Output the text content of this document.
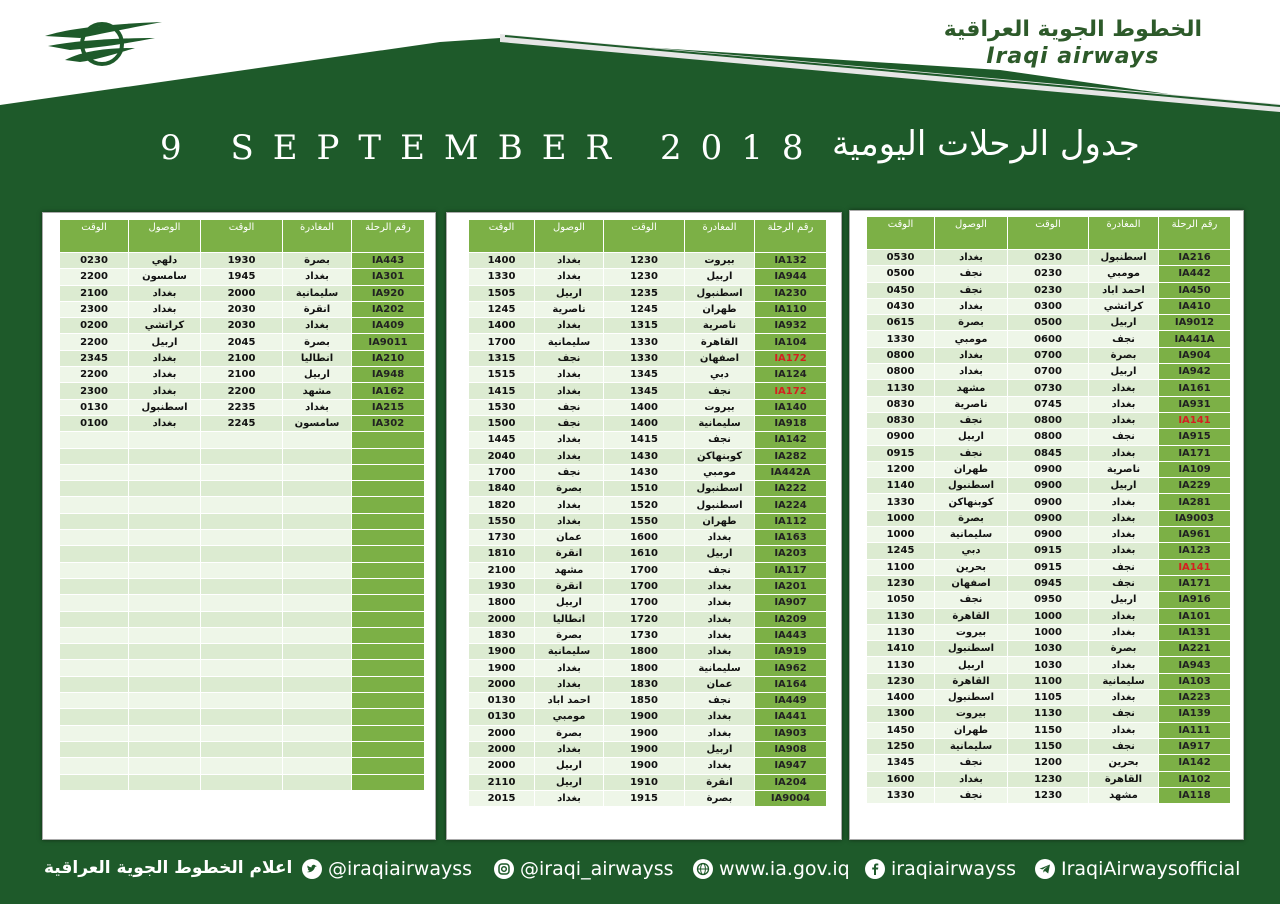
الخطوط الجوية العراقية
Iraqi airways
9 SEPTEMBER 2018 جدول الرحلات اليومية
رقم الرحلة	المغادرة	الوقت	الوصول	الوقت
IA443	بصرة	1930	دلهي	0230
IA301	بغداد	1945	سامسون	2200
IA920	سليمانية	2000	بغداد	2100
IA202	انقرة	2030	بغداد	2300
IA409	بغداد	2030	كراتشي	0200
IA9011	بصرة	2045	اربيل	2200
IA210	انطاليا	2100	بغداد	2345
IA948	اربيل	2100	بغداد	2200
IA162	مشهد	2200	بغداد	2300
IA215	بغداد	2235	اسطنبول	0130
IA302	سامسون	2245	بغداد	0100

رقم الرحلة	المغادرة	الوقت	الوصول	الوقت
IA132	بيروت	1230	بغداد	1400
IA944	اربيل	1230	بغداد	1330
IA230	اسطنبول	1235	اربيل	1505
IA110	طهران	1245	ناصرية	1245
IA932	ناصرية	1315	بغداد	1400
IA104	القاهرة	1330	سليمانية	1700
IA172	اصفهان	1330	نجف	1315
IA124	دبي	1345	بغداد	1515
IA172	نجف	1345	بغداد	1415
IA140	بيروت	1400	نجف	1530
IA918	سليمانية	1400	نجف	1500
IA142	نجف	1415	بغداد	1445
IA282	كوبنهاكن	1430	بغداد	2040
IA442A	مومبي	1430	نجف	1700
IA222	اسطنبول	1510	بصرة	1840
IA224	اسطنبول	1520	بغداد	1820
IA112	طهران	1550	بغداد	1550
IA163	بغداد	1600	عمان	1730
IA203	اربيل	1610	انقرة	1810
IA117	نجف	1700	مشهد	2100
IA201	بغداد	1700	انقرة	1930
IA907	بغداد	1700	اربيل	1800
IA209	بغداد	1720	انطاليا	2000
IA443	بغداد	1730	بصرة	1830
IA919	بغداد	1800	سليمانية	1900
IA962	سليمانية	1800	بغداد	1900
IA164	عمان	1830	بغداد	2000
IA449	نجف	1850	احمد اباد	0130
IA441	بغداد	1900	مومبي	0130
IA903	بغداد	1900	بصرة	2000
IA908	اربيل	1900	بغداد	2000
IA947	بغداد	1900	اربيل	2000
IA204	انقرة	1910	اربيل	2110
IA9004	بصرة	1915	بغداد	2015
رقم الرحلة	المغادرة	الوقت	الوصول	الوقت
IA216	اسطنبول	0230	بغداد	0530
IA442	مومبي	0230	نجف	0500
IA450	احمد اباد	0230	نجف	0450
IA410	كراتشي	0300	بغداد	0430
IA9012	اربيل	0500	بصرة	0615
IA441A	نجف	0600	مومبي	1330
IA904	بصرة	0700	بغداد	0800
IA942	اربيل	0700	بغداد	0800
IA161	بغداد	0730	مشهد	1130
IA931	بغداد	0745	ناصرية	0830
IA141	بغداد	0800	نجف	0830
IA915	نجف	0800	اربيل	0900
IA171	بغداد	0845	نجف	0915
IA109	ناصرية	0900	طهران	1200
IA229	اربيل	0900	اسطنبول	1140
IA281	بغداد	0900	كوبنهاكن	1330
IA9003	بغداد	0900	بصرة	1000
IA961	بغداد	0900	سليمانية	1000
IA123	بغداد	0915	دبي	1245
IA141	نجف	0915	بحرين	1100
IA171	نجف	0945	اصفهان	1230
IA916	اربيل	0950	نجف	1050
IA101	بغداد	1000	القاهرة	1130
IA131	بغداد	1000	بيروت	1130
IA221	بصرة	1030	اسطنبول	1410
IA943	بغداد	1030	اربيل	1130
IA103	سليمانية	1100	القاهرة	1230
IA223	بغداد	1105	اسطنبول	1400
IA139	نجف	1130	بيروت	1300
IA111	بغداد	1150	طهران	1450
IA917	نجف	1150	سليمانية	1250
IA142	بحرين	1200	نجف	1345
IA102	القاهرة	1230	بغداد	1600
IA118	مشهد	1230	نجف	1330
اعلام الخطوط الجوية العراقية @iraqiairwayss	@iraqi_airwayss www.ia.gov.iq iraqiairwayss IraqiAirwaysofficial
